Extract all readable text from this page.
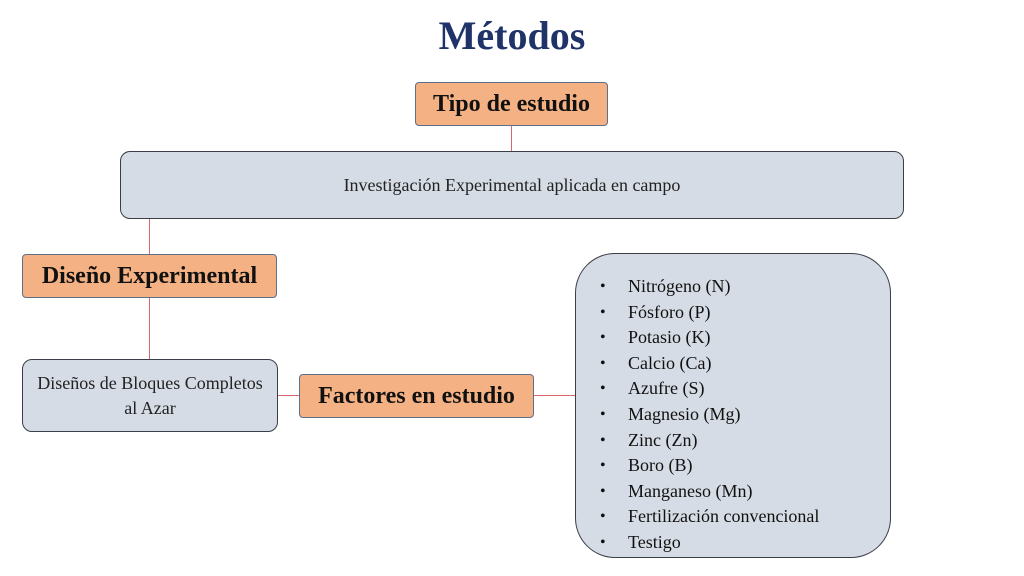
Métodos
Tipo de estudio
Investigación Experimental aplicada en campo
Diseño Experimental
Diseños de Bloques Completos al Azar	Factores en estudio
• Nitrógeno (N)
• Fósforo (P)
• Potasio (K)
• Calcio (Ca)
• Azufre (S)
• Magnesio (Mg)
• Zinc (Zn)
• Boro (B)
• Manganeso (Mn)
• Fertilización convencional
• Testigo
